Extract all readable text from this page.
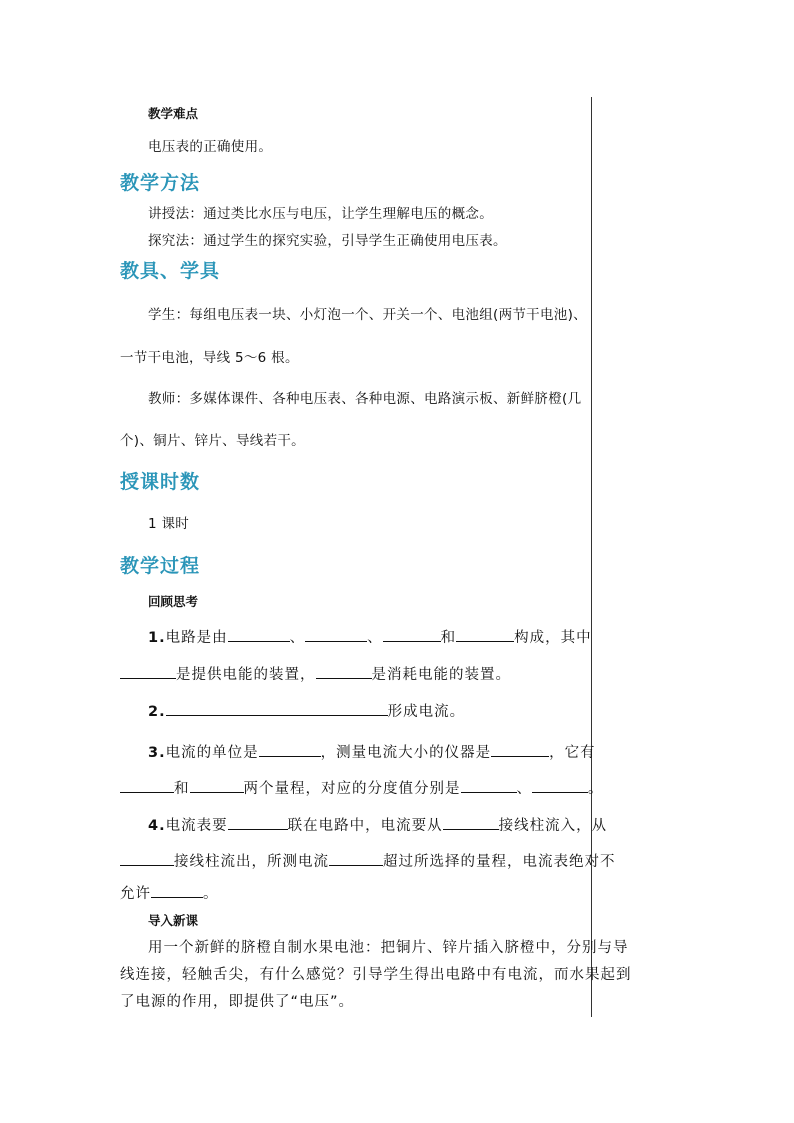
教学难点
电压表的正确使用。
教学方法
讲授法：通过类比水压与电压，让学生理解电压的概念。
探究法：通过学生的探究实验，引导学生正确使用电压表。
教具、学具
学生：每组电压表一块、小灯泡一个、开关一个、电池组(两节干电池)、
一节干电池，导线 5～6 根。
教师：多媒体课件、各种电压表、各种电源、电路演示板、新鲜脐橙(几
个)、铜片、锌片、导线若干。
授课时数
1 课时
教学过程
回顾思考
1.电路是由	、	、	和	构成，其中
是提供电能的装置，	是消耗电能的装置。
2.	形成电流。
3.电流的单位是	，测量电流大小的仪器是	，它有
和	两个量程，对应的分度值分别是	、	。
4.电流表要	联在电路中，电流要从	接线柱流入，从
接线柱流出，所测电流	超过所选择的量程，电流表绝对不
允许	。
导入新课
用一个新鲜的脐橙自制水果电池：把铜片、锌片插入脐橙中，分别与导
线连接，轻触舌尖，有什么感觉？引导学生得出电路中有电流，而水果起到
了电源的作用，即提供了“电压”。
